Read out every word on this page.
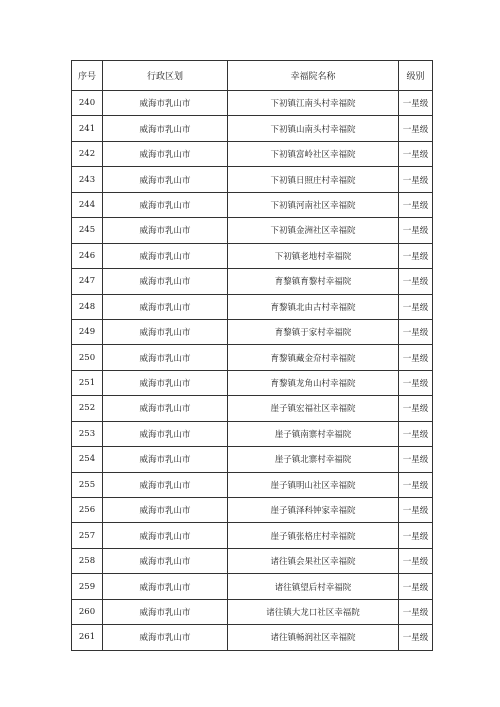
序号	行政区划	幸福院名称	级别
240	威海市乳山市	下初镇江南头村幸福院	一星级
241	威海市乳山市	下初镇山南头村幸福院	一星级
242	威海市乳山市	下初镇富岭社区幸福院	一星级
243	威海市乳山市	下初镇日照庄村幸福院	一星级
244	威海市乳山市	下初镇河南社区幸福院	一星级
245	威海市乳山市	下初镇金洲社区幸福院	一星级
246	威海市乳山市	下初镇老地村幸福院	一星级
247	威海市乳山市	育黎镇育黎村幸福院	一星级
248	威海市乳山市	育黎镇北由古村幸福院	一星级
249	威海市乳山市	育黎镇于家村幸福院	一星级
250	威海市乳山市	育黎镇藏金夼村幸福院	一星级
251	威海市乳山市	育黎镇龙角山村幸福院	一星级
252	威海市乳山市	崖子镇宏福社区幸福院	一星级
253	威海市乳山市	崖子镇南寨村幸福院	一星级
254	威海市乳山市	崖子镇北寨村幸福院	一星级
255	威海市乳山市	崖子镇明山社区幸福院	一星级
256	威海市乳山市	崖子镇泽科钟家幸福院	一星级
257	威海市乳山市	崖子镇张格庄村幸福院	一星级
258	威海市乳山市	诸往镇会果社区幸福院	一星级
259	威海市乳山市	诸往镇望后村幸福院	一星级
260	威海市乳山市	诸往镇大龙口社区幸福院	一星级
261	威海市乳山市	诸往镇畅润社区幸福院	一星级
